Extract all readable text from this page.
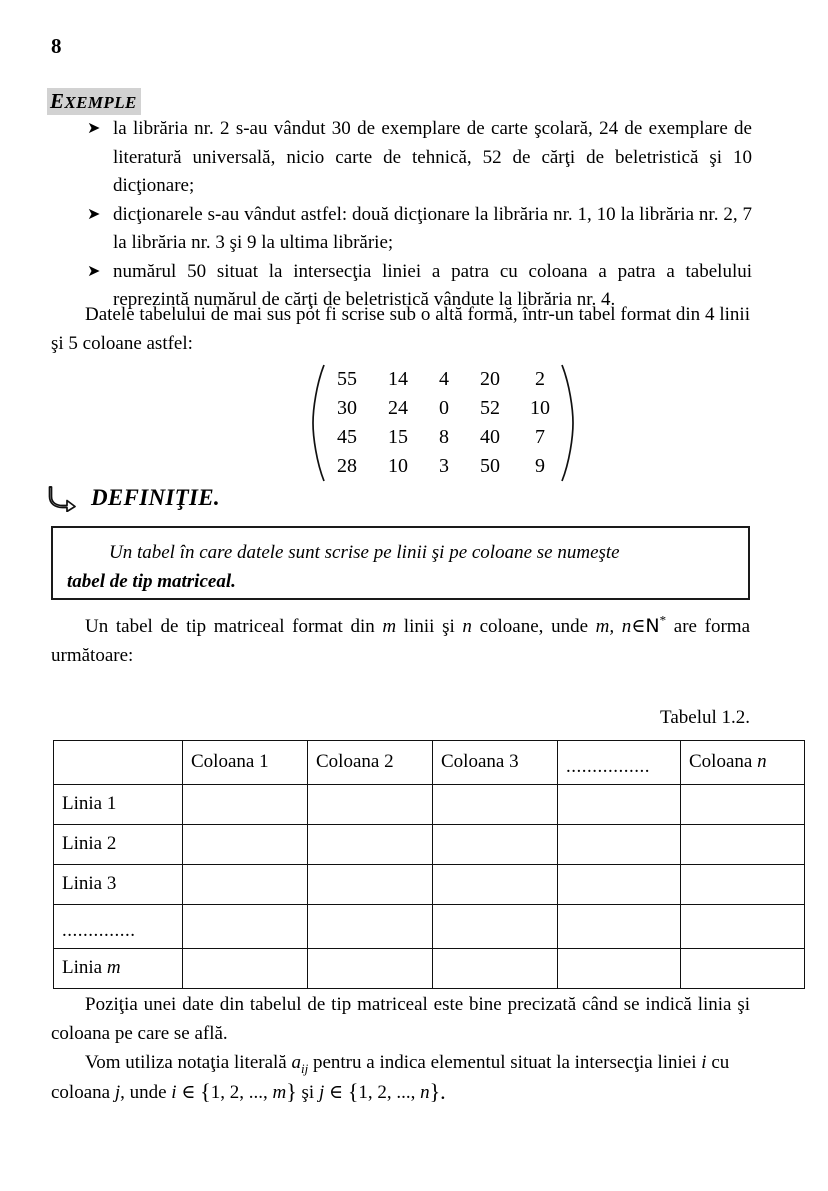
8
EXEMPLE
➤ la librăria nr. 2 s-au vândut 30 de exemplare de carte şcolară, 24 de exemplare de literatură universală, nicio carte de tehnică, 52 de cărţi de beletristică şi 10 dicţionare;
➤ dicţionarele s-au vândut astfel: două dicţionare la librăria nr. 1, 10 la librăria nr. 2, 7 la librăria nr. 3 şi 9 la ultima librărie;
➤ numărul 50 situat la intersecţia liniei a patra cu coloana a patra a tabelului reprezintă numărul de cărţi de beletristică vândute la librăria nr. 4.
Datele tabelului de mai sus pot fi scrise sub o altă formă, într-un tabel format din 4 linii şi 5 coloane astfel:
55	14	4	20	2
30	24	0	52	10
45	15	8	40	7
28	10	3	50	9
DEFINIŢIE.
Un tabel în care datele sunt scrise pe linii şi pe coloane se numeşte
tabel de tip matriceal.
Un tabel de tip matriceal format din m linii şi n coloane, unde m, n∈N* are forma următoare:
Tabelul 1.2.
	Coloana 1	Coloana 2	Coloana 3	................	Coloana n
Linia 1					
Linia 2					
Linia 3					
..............					
Linia m					
Poziţia unei date din tabelul de tip matriceal este bine precizată când se indică linia şi coloana pe care se află.
Vom utiliza notaţia literală $a_{ij}$ pentru a indica elementul situat la intersecţia liniei i cu coloana j, unde i ∈ {1, 2, ..., m} şi j ∈ {1, 2, ..., n}.
